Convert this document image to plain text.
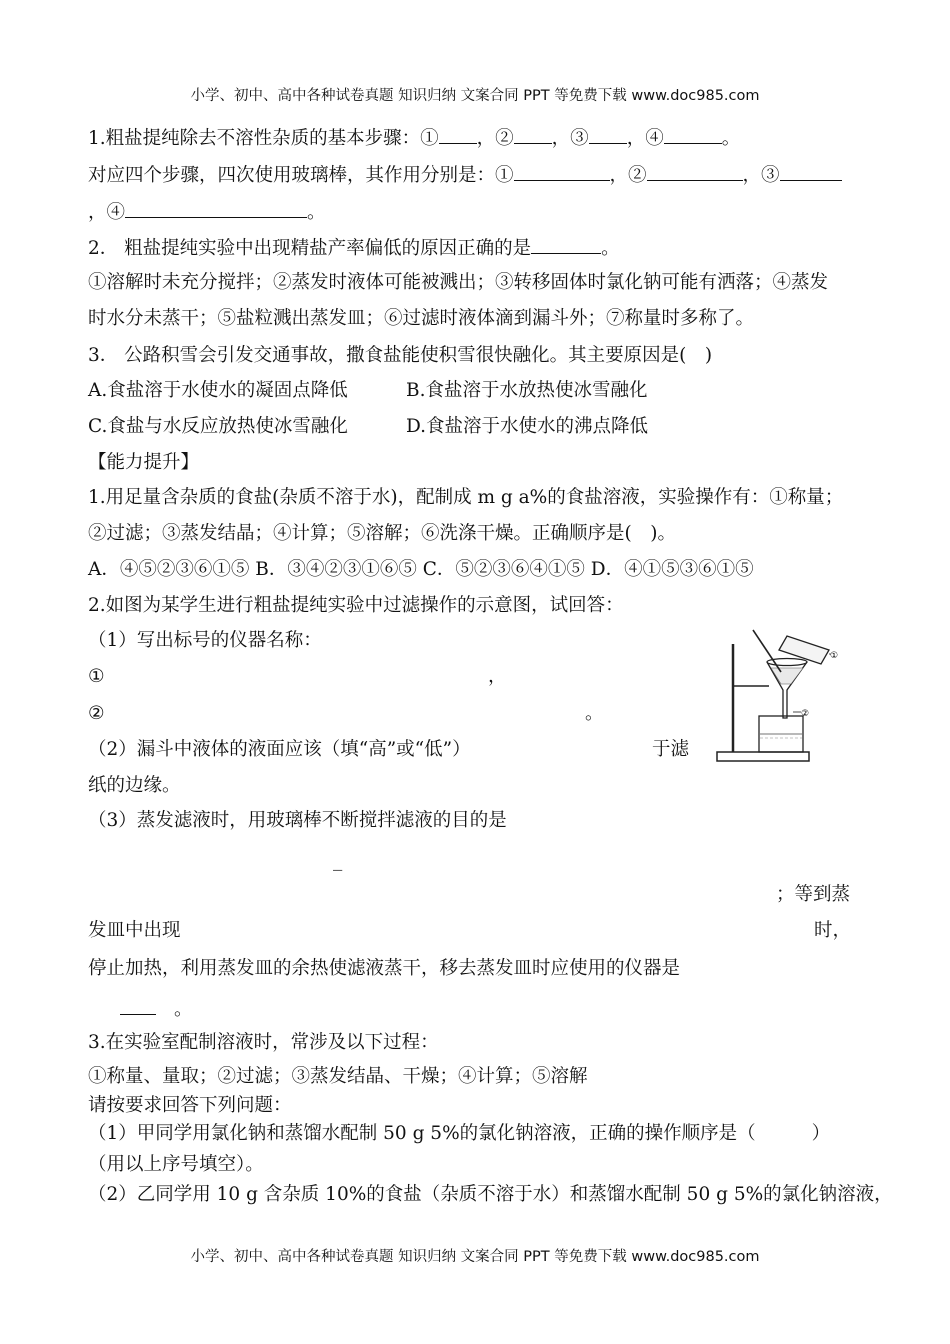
小学、初中、高中各种试卷真题 知识归纳 文案合同 PPT 等免费下载 www.doc985.com
1.粗盐提纯除去不溶性杂质的基本步骤：① ，② ，③ ，④	。
对应四个步骤，四次使用玻璃棒，其作用分别是：①	，②	，③
，④	。
2． 粗盐提纯实验中出现精盐产率偏低的原因正确的是	。
①溶解时未充分搅拌；②蒸发时液体可能被溅出；③转移固体时氯化钠可能有洒落；④蒸发
时水分未蒸干；⑤盐粒溅出蒸发皿；⑥过滤时液体滴到漏斗外；⑦称量时多称了。
3． 公路积雪会引发交通事故，撒食盐能使积雪很快融化。其主要原因是(　)
A.食盐溶于水使水的凝固点降低	B.食盐溶于水放热使冰雪融化
C.食盐与水反应放热使冰雪融化	D.食盐溶于水使水的沸点降低
【能力提升】
1.用足量含杂质的食盐(杂质不溶于水)，配制成 m g a%的食盐溶液，实验操作有：①称量；
②过滤；③蒸发结晶；④计算；⑤溶解；⑥洗涤干燥。正确顺序是(　)。
A．④⑤②③⑥①⑤ B．③④②③①⑥⑤ C．⑤②③⑥④①⑤ D．④①⑤③⑥①⑤
2.如图为某学生进行粗盐提纯实验中过滤操作的示意图，试回答：
（1）写出标号的仪器名称：
①	，
②	。
（2）漏斗中液体的液面应该（填“高”或“低”）	于滤
纸的边缘。
（3）蒸发滤液时，用玻璃棒不断搅拌滤液的目的是
_
；等到蒸
发皿中出现	时，
停止加热，利用蒸发皿的余热使滤液蒸干，移去蒸发皿时应使用的仪器是
。
①
②
3.在实验室配制溶液时，常涉及以下过程：
①称量、量取；②过滤；③蒸发结晶、干燥；④计算；⑤溶解
请按要求回答下列问题：
（1）甲同学用氯化钠和蒸馏水配制 50 g 5%的氯化钠溶液，正确的操作顺序是（	）
（用以上序号填空）。
（2）乙同学用 10 g 含杂质 10%的食盐（杂质不溶于水）和蒸馏水配制 50 g 5%的氯化钠溶液，
小学、初中、高中各种试卷真题 知识归纳 文案合同 PPT 等免费下载 www.doc985.com
